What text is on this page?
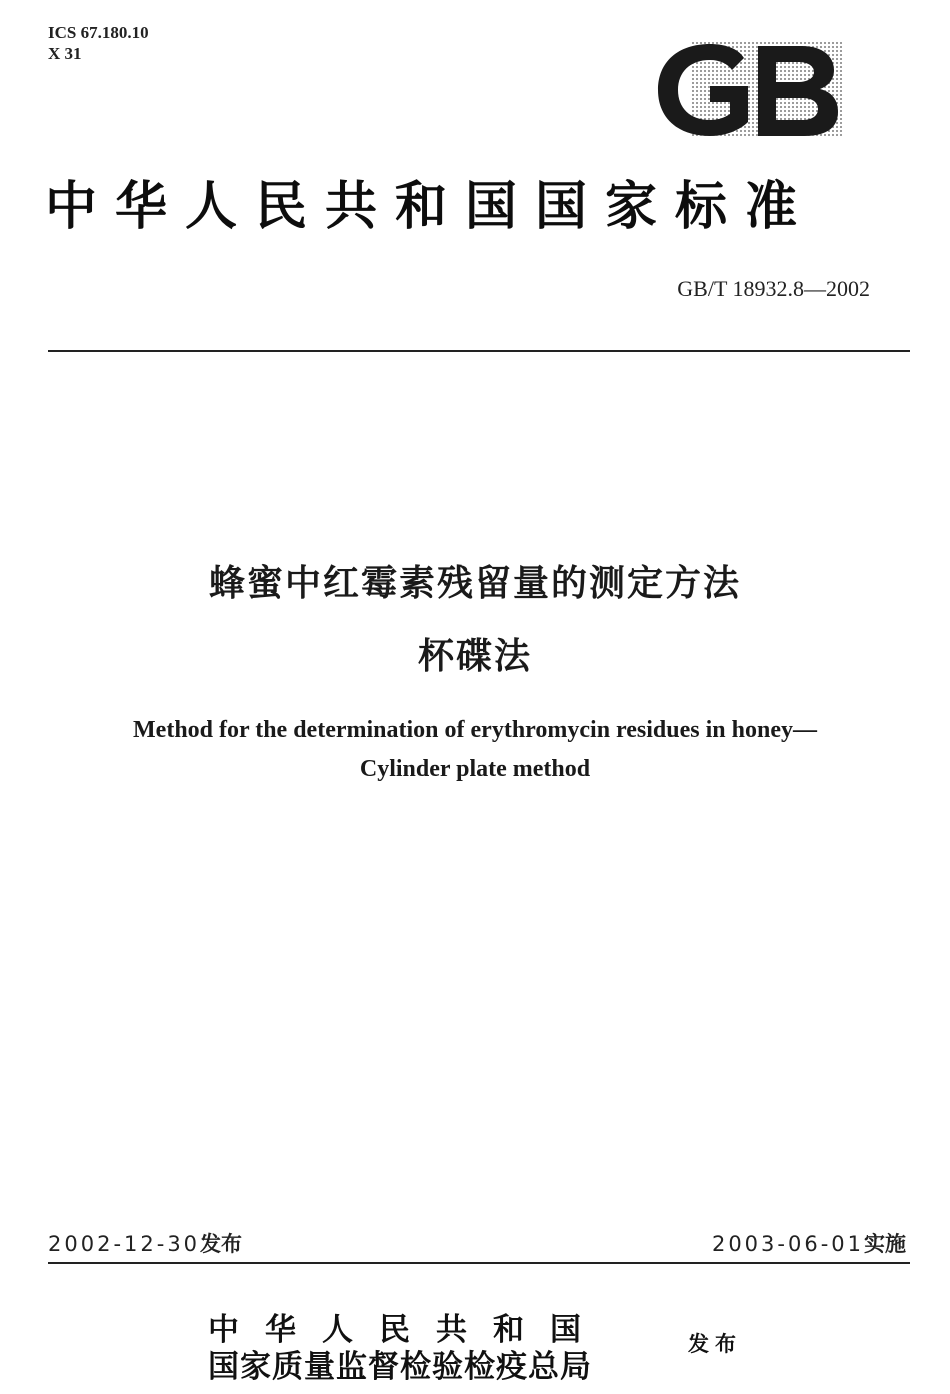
ICS 67.180.10
X 31
中华人民共和国国家标准
GB/T 18932.8—2002
蜂蜜中红霉素残留量的测定方法
杯碟法
Method for the determination of erythromycin residues in honey—
Cylinder plate method
2002-12-30发布	2003-06-01实施
中华人民共和国
国家质量监督检验检疫总局
发布
